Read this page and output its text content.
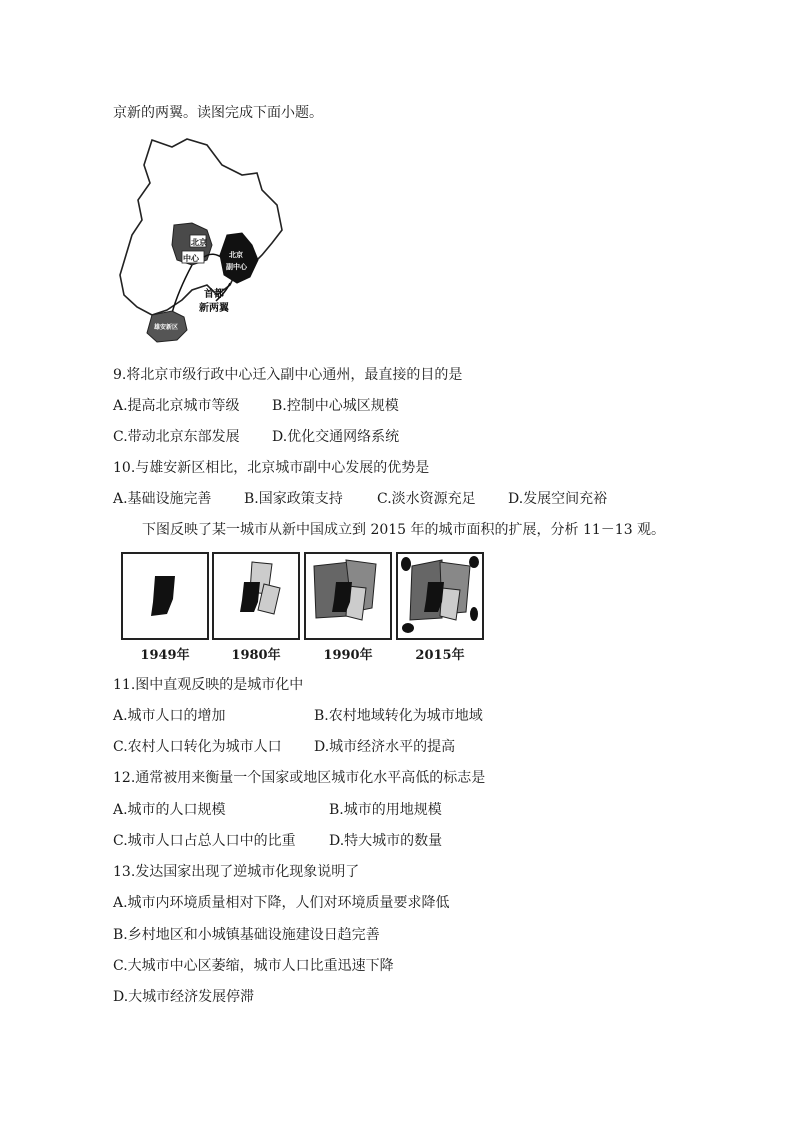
京新的两翼。读图完成下面小题。
北京
中心	北京
副中心
首都
新两翼
雄安新区
9.将北京市级行政中心迁入副中心通州，最直接的目的是
A.提高北京城市等级 B.控制中心城区规模
C.带动北京东部发展 D.优化交通网络系统
10.与雄安新区相比，北京城市副中心发展的优势是
A.基础设施完善 B.国家政策支持 C.淡水资源充足 D.发展空间充裕
下图反映了某一城市从新中国成立到 2015 年的城市面积的扩展，分析 11－13 观。
1949年	1980年	1990年	2015年
11.图中直观反映的是城市化中
A.城市人口的增加	B.农村地域转化为城市地域
C.农村人口转化为城市人口 D.城市经济水平的提高
12.通常被用来衡量一个国家或地区城市化水平高低的标志是
A.城市的人口规模	B.城市的用地规模
C.城市人口占总人口中的比重 D.特大城市的数量
13.发达国家出现了逆城市化现象说明了
A.城市内环境质量相对下降，人们对环境质量要求降低
B.乡村地区和小城镇基础设施建设日趋完善
C.大城市中心区萎缩，城市人口比重迅速下降
D.大城市经济发展停滞
